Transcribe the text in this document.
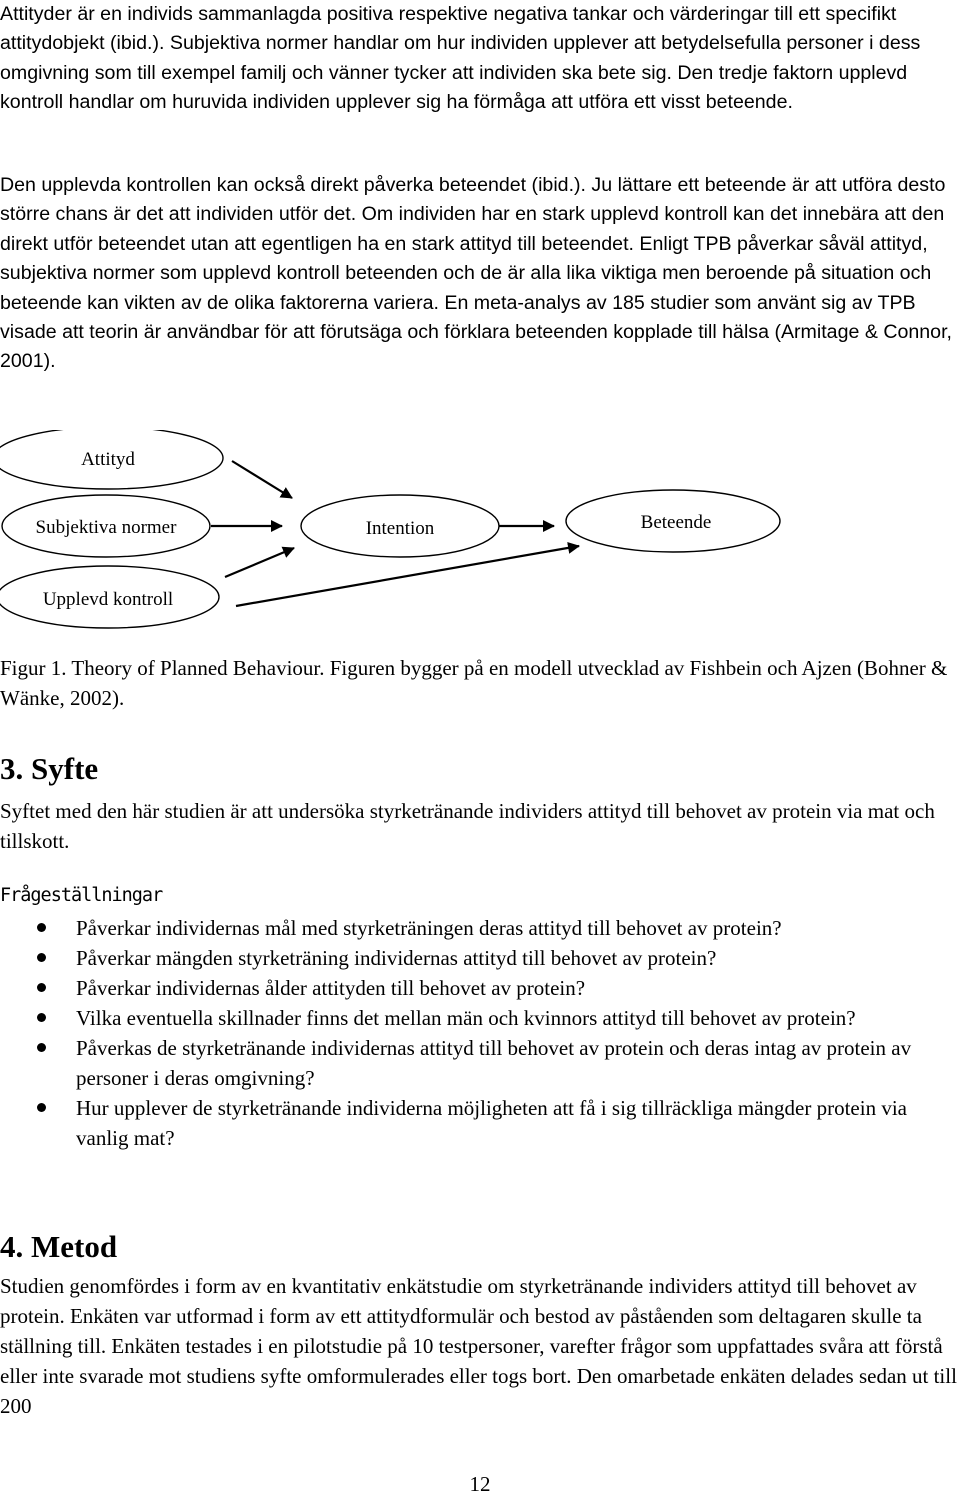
Attityder är en individs sammanlagda positiva respektive negativa tankar och värderingar till ett specifikt attitydobjekt (ibid.). Subjektiva normer handlar om hur individen upplever att betydelsefulla personer i dess omgivning som till exempel familj och vänner tycker att individen ska bete sig. Den tredje faktorn upplevd kontroll handlar om huruvida individen upplever sig ha förmåga att utföra ett visst beteende.

Den upplevda kontrollen kan också direkt påverka beteendet (ibid.). Ju lättare ett beteende är att utföra desto större chans är det att individen utför det. Om individen har en stark upplevd kontroll kan det innebära att den direkt utför beteendet utan att egentligen ha en stark attityd till beteendet. Enligt TPB påverkar såväl attityd, subjektiva normer som upplevd kontroll beteenden och de är alla lika viktiga men beroende på situation och beteende kan vikten av de olika faktorerna variera. En meta-analys av 185 studier som använt sig av TPB visade att teorin är användbar för att förutsäga och förklara beteenden kopplade till hälsa (Armitage & Connor, 2001).

Attityd
Subjektiva normer	Intention	Beteende
Upplevd kontroll

Figur 1. Theory of Planned Behaviour. Figuren bygger på en modell utvecklad av Fishbein och Ajzen (Bohner & Wänke, 2002).

3. Syfte

Syftet med den här studien är att undersöka styrketränande individers attityd till behovet av protein via mat och tillskott.

Frågeställningar
Påverkar individernas mål med styrketräningen deras attityd till behovet av protein?
Påverkar mängden styrketräning individernas attityd till behovet av protein?
Påverkar individernas ålder attityden till behovet av protein?
Vilka eventuella skillnader finns det mellan män och kvinnors attityd till behovet av protein?
Påverkas de styrketränande individernas attityd till behovet av protein och deras intag av protein av personer i deras omgivning?
Hur upplever de styrketränande individerna möjligheten att få i sig tillräckliga mängder protein via vanlig mat?
4. Metod

Studien genomfördes i form av en kvantitativ enkätstudie om styrketränande individers attityd till behovet av protein. Enkäten var utformad i form av ett attitydformulär och bestod av påståenden som deltagaren skulle ta ställning till. Enkäten testades i en pilotstudie på 10 testpersoner, varefter frågor som uppfattades svåra att förstå eller inte svarade mot studiens syfte omformulerades eller togs bort. Den omarbetade enkäten delades sedan ut till 200

12
